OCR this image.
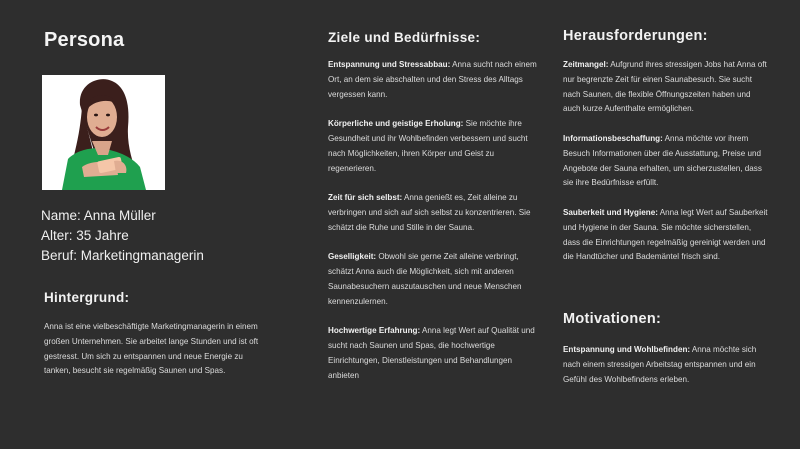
Persona
Name: Anna Müller
Alter: 35 Jahre
Beruf: Marketingmanagerin
Hintergrund:
Anna ist eine vielbeschäftigte Marketingmanagerin in einem großen Unternehmen. Sie arbeitet lange Stunden und ist oft gestresst. Um sich zu entspannen und neue Energie zu tanken, besucht sie regelmäßig Saunen und Spas.
Ziele und Bedürfnisse:

Entspannung und Stressabbau: Anna sucht nach einem Ort, an dem sie abschalten und den Stress des Alltags vergessen kann.

Körperliche und geistige Erholung: Sie möchte ihre Gesundheit und ihr Wohlbefinden verbessern und sucht nach Möglichkeiten, ihren Körper und Geist zu regenerieren.

Zeit für sich selbst: Anna genießt es, Zeit alleine zu verbringen und sich auf sich selbst zu konzentrieren. Sie schätzt die Ruhe und Stille in der Sauna.

Geselligkeit: Obwohl sie gerne Zeit alleine verbringt, schätzt Anna auch die Möglichkeit, sich mit anderen Saunabesuchern auszutauschen und neue Menschen kennenzulernen.

Hochwertige Erfahrung: Anna legt Wert auf Qualität und sucht nach Saunen und Spas, die hochwertige Einrichtungen, Dienstleistungen und Behandlungen anbieten

Herausforderungen:

Zeitmangel: Aufgrund ihres stressigen Jobs hat Anna oft nur begrenzte Zeit für einen Saunabesuch. Sie sucht nach Saunen, die flexible Öffnungszeiten haben und auch kurze Aufenthalte ermöglichen.

Informationsbeschaffung: Anna möchte vor ihrem Besuch Informationen über die Ausstattung, Preise und Angebote der Sauna erhalten, um sicherzustellen, dass sie ihre Bedürfnisse erfüllt.

Sauberkeit und Hygiene: Anna legt Wert auf Sauberkeit und Hygiene in der Sauna. Sie möchte sicherstellen, dass die Einrichtungen regelmäßig gereinigt werden und die Handtücher und Bademäntel frisch sind.

Motivationen:

Entspannung und Wohlbefinden: Anna möchte sich nach einem stressigen Arbeitstag entspannen und ein Gefühl des Wohlbefindens erleben.
